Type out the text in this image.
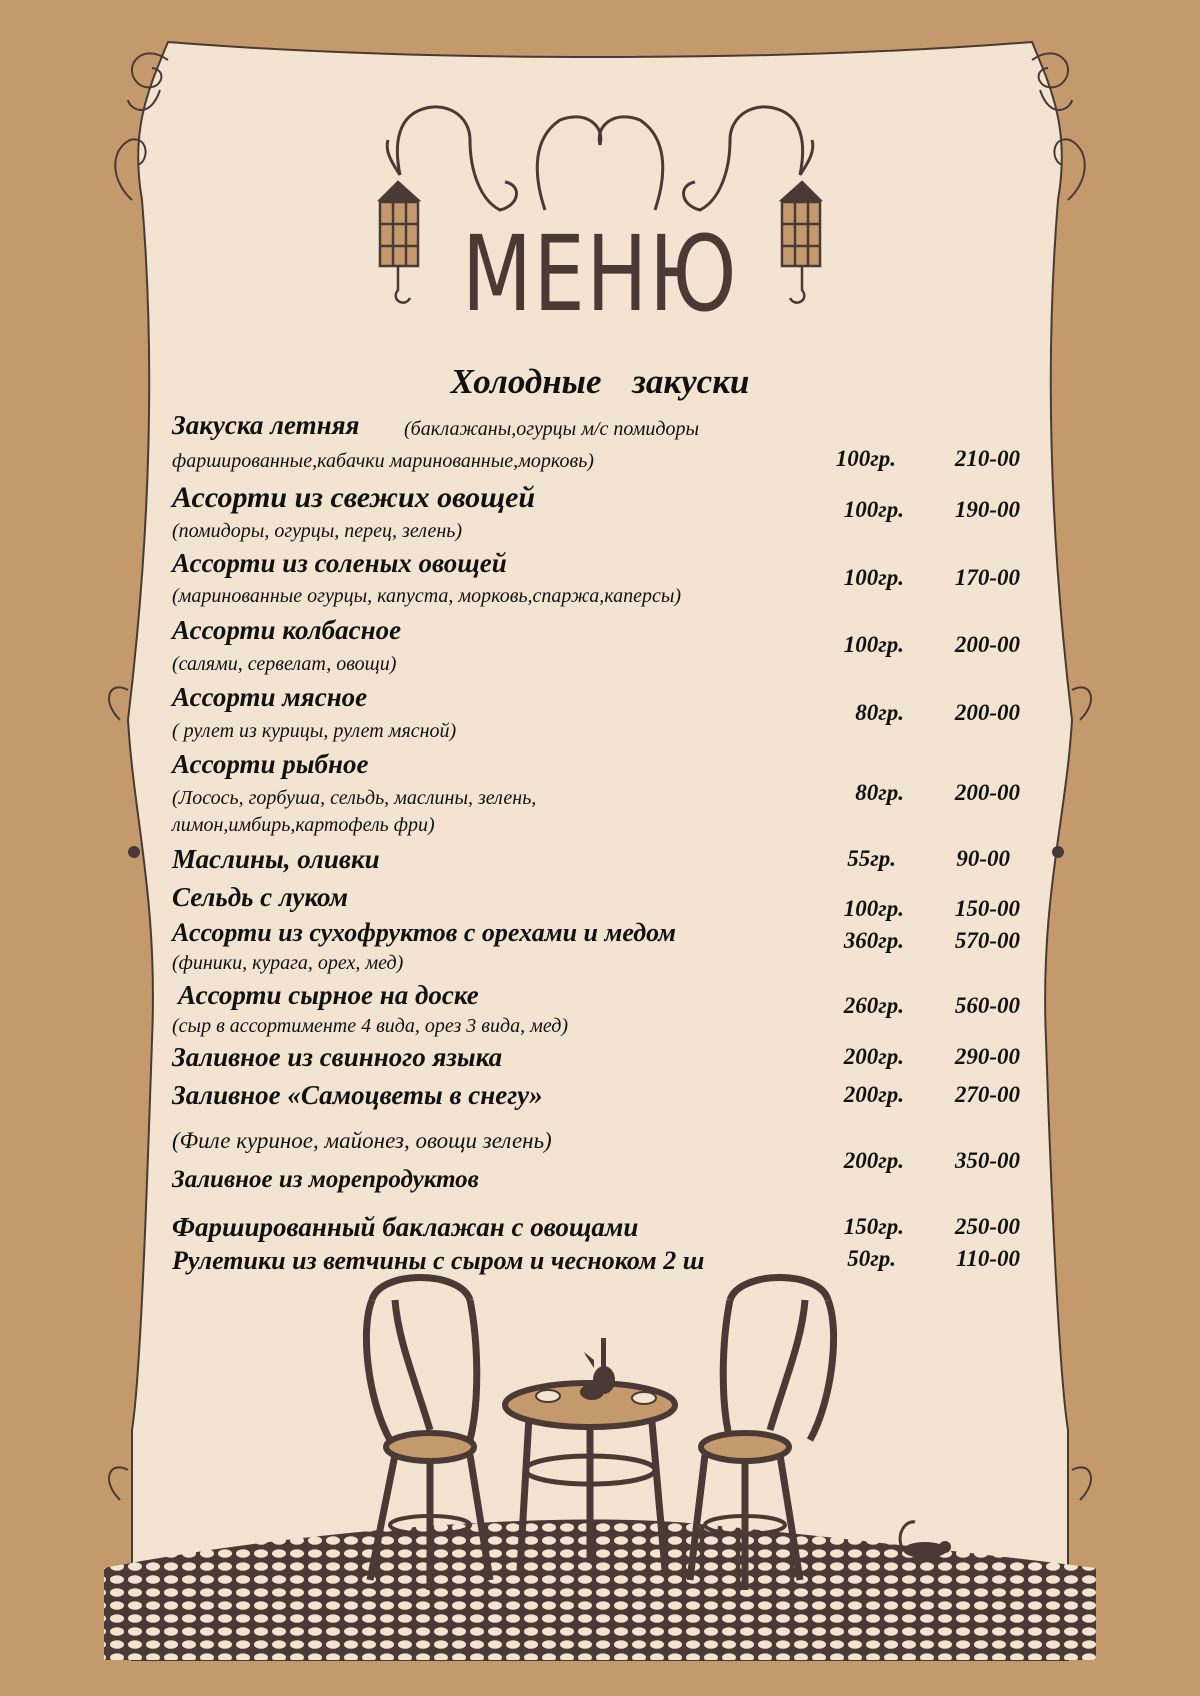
МЕНЮ
Холодные закуски
Закуска летняя (баклажаны,огурцы м/с помидоры
фаршированные,кабачки маринованные,морковь)	100гр.	210-00
Ассорти из свежих овощей
(помидоры, огурцы, перец, зелень)
100гр.	190-00
Ассорти из соленых овощей
(маринованные огурцы, капуста, морковь,спаржа,каперсы)
100гр.	170-00
Ассорти колбасное
(салями, сервелат, овощи)
100гр.	200-00
Ассорти мясное
( рулет из курицы, рулет мясной)
80гр.	200-00
Ассорти рыбное
(Лосось, горбуша, сельдь, маслины, зелень,
лимон,имбирь,картофель фри)
80гр.	200-00
Маслины, оливки	55гр.	90-00
Сельдь с луком	100гр.	150-00
Ассорти из сухофруктов с орехами и медом
(финики, курага, орех, мед)
360гр.	570-00
Ассорти сырное на доске
(сыр в ассортименте 4 вида, орез 3 вида, мед)
260гр.	560-00
Заливное из свинного языка	200гр.	290-00
Заливное «Самоцветы в снегу»	200гр.	270-00
(Филе куриное, майонез, овощи зелень)
Заливное из морепродуктов
200гр.	350-00
Фаршированный баклажан с овощами	150гр.	250-00
Рулетики из ветчины с сыром и чесноком 2 ш	50гр.	110-00
